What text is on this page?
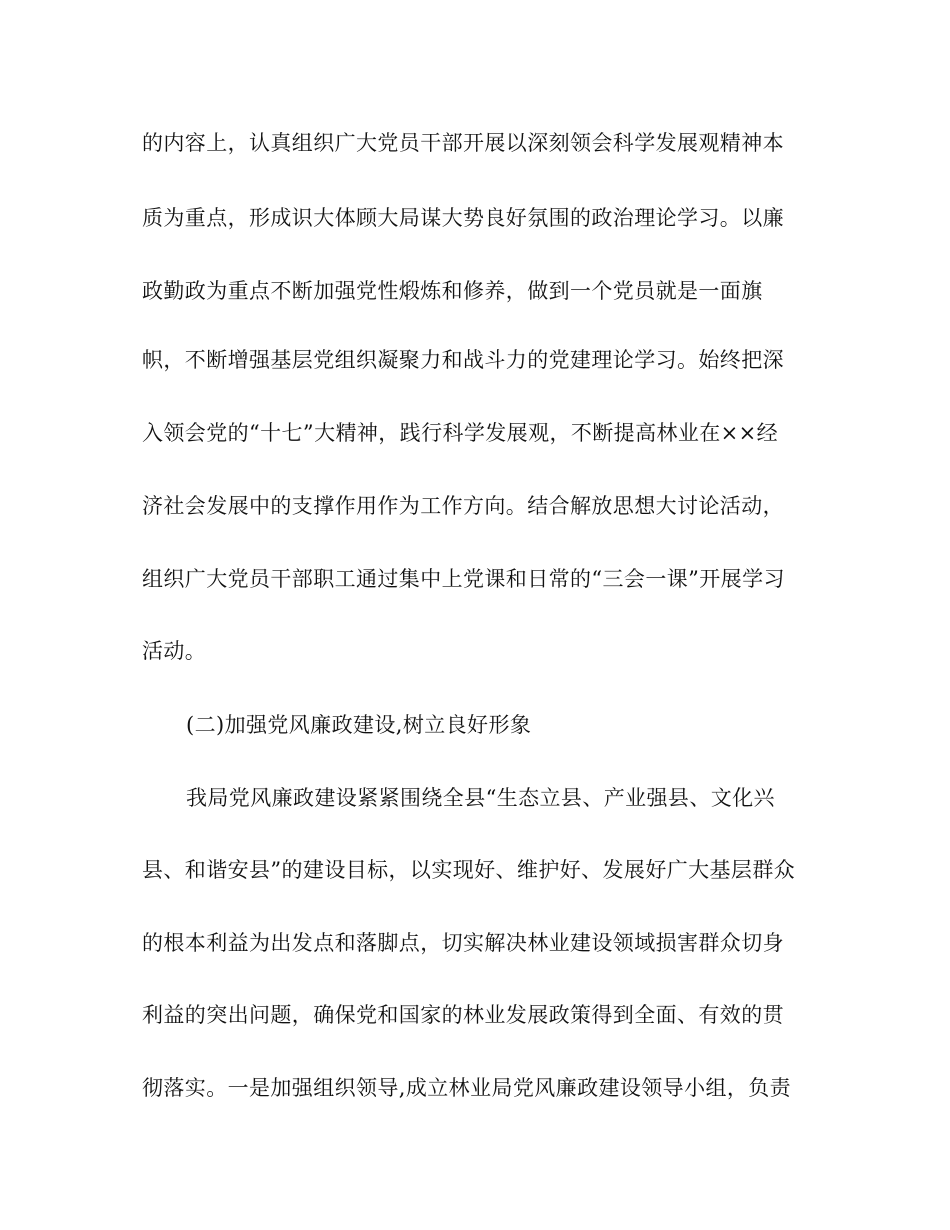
的内容上，认真组织广大党员干部开展以深刻领会科学发展观精神本
质为重点，形成识大体顾大局谋大势良好氛围的政治理论学习。以廉
政勤政为重点不断加强党性煅炼和修养，做到一个党员就是一面旗
帜，不断增强基层党组织凝聚力和战斗力的党建理论学习。始终把深
入领会党的“十七”大精神，践行科学发展观，不断提高林业在××经
济社会发展中的支撑作用作为工作方向。结合解放思想大讨论活动，
组织广大党员干部职工通过集中上党课和日常的“三会一课”开展学习
活动。
(二)加强党风廉政建设,树立良好形象
我局党风廉政建设紧紧围绕全县“生态立县、产业强县、文化兴
县、和谐安县”的建设目标，以实现好、维护好、发展好广大基层群众
的根本利益为出发点和落脚点，切实解决林业建设领域损害群众切身
利益的突出问题，确保党和国家的林业发展政策得到全面、有效的贯
彻落实。一是加强组织领导,成立林业局党风廉政建设领导小组，负责
